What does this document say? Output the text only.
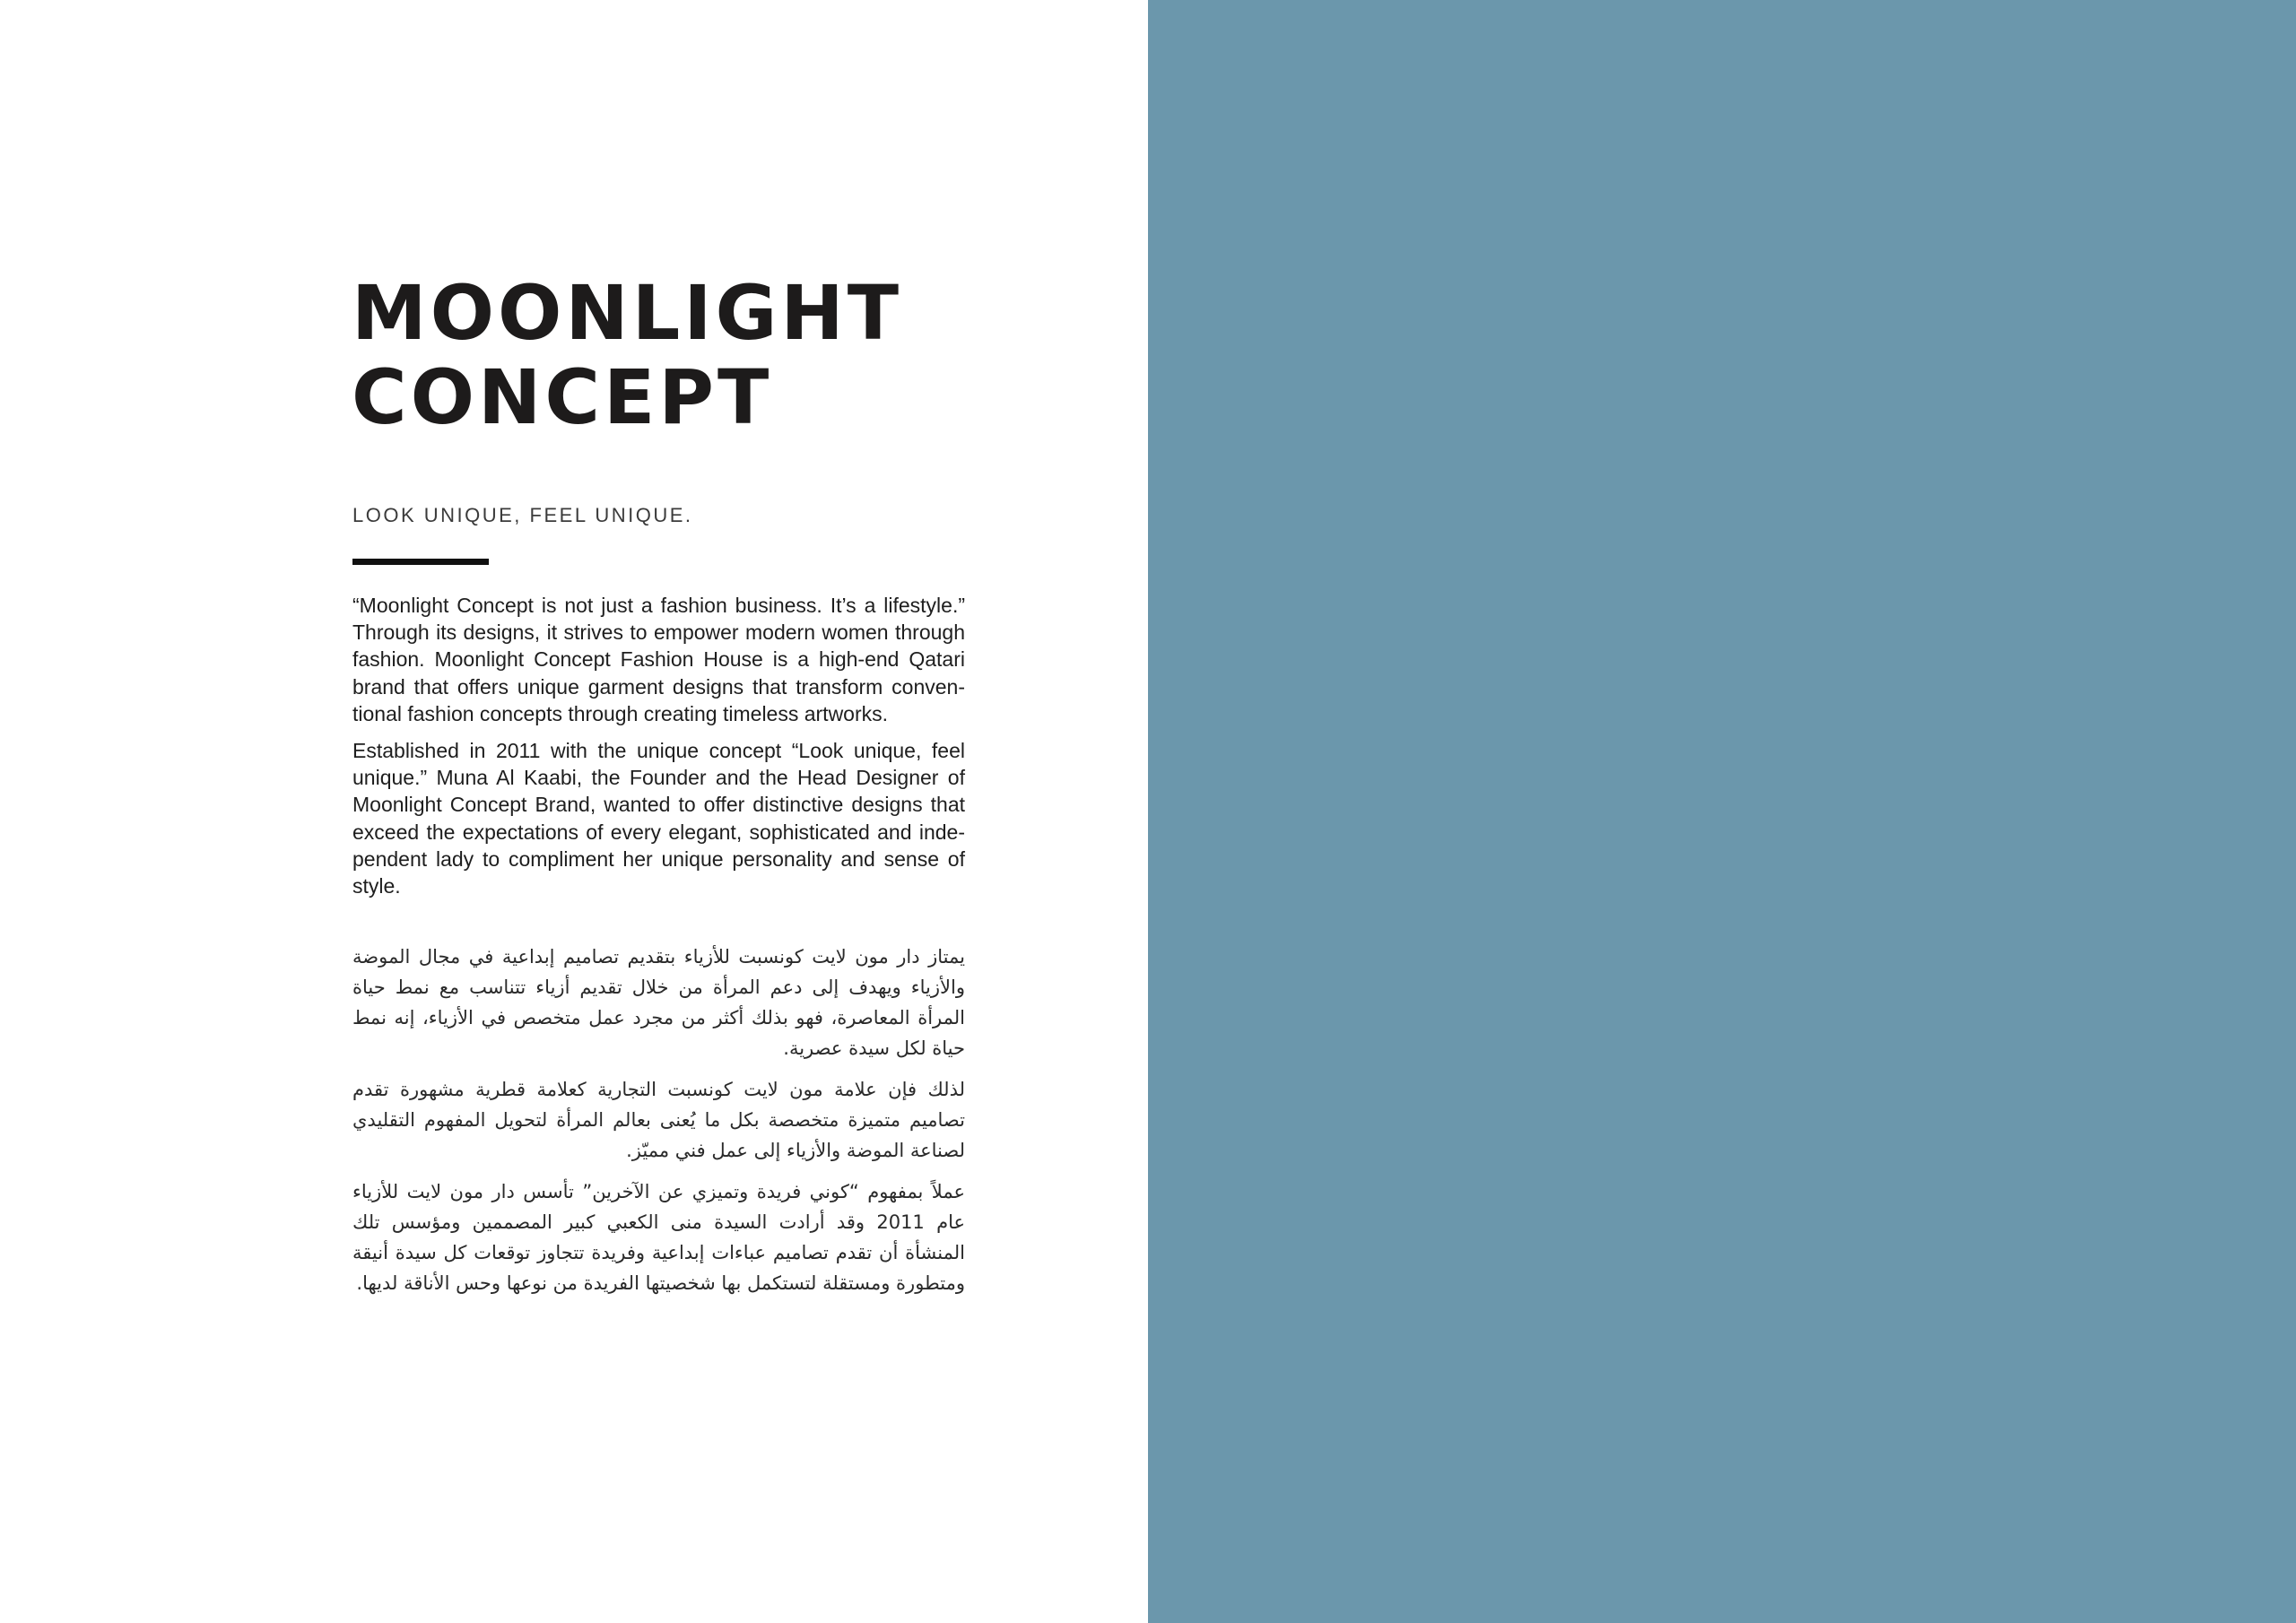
MOONLIGHT
CONCEPT
LOOK UNIQUE, FEEL UNIQUE.

“Moonlight Concept is not just a fashion business. It’s a lifestyle.” Through its designs, it strives to empower modern women through fashion. Moonlight Concept Fashion House is a high-end Qatari brand that offers unique garment designs that transform conven-tional fashion concepts through creating timeless artworks.

Established in 2011 with the unique concept “Look unique, feel unique.” Muna Al Kaabi, the Founder and the Head Designer of Moonlight Concept Brand, wanted to offer distinctive designs that exceed the expectations of every elegant, sophisticated and inde-pendent lady to compliment her unique personality and sense of style.

يمتاز دار مون لايت كونسبت للأزياء بتقديم تصاميم إبداعية في مجال الموضة والأزياء ويهدف إلى دعم المرأة من خلال تقديم أزياء تتناسب مع نمط حياة المرأة المعاصرة، فهو بذلك أكثر من مجرد عمل متخصص في الأزياء، إنه نمط حياة لكل سيدة عصرية.

لذلك فإن علامة مون لايت كونسبت التجارية كعلامة قطرية مشهورة تقدم تصاميم متميزة متخصصة بكل ما يُعنى بعالم المرأة لتحويل المفهوم التقليدي لصناعة الموضة والأزياء إلى عمل فني مميّز.

عملاً بمفهوم “كوني فريدة وتميزي عن الآخرين” تأسس دار مون لايت للأزياء عام 2011 وقد أرادت السيدة منى الكعبي كبير المصممين ومؤسس تلك المنشأة أن تقدم تصاميم عباءات إبداعية وفريدة تتجاوز توقعات كل سيدة أنيقة ومتطورة ومستقلة لتستكمل بها شخصيتها الفريدة من نوعها وحس الأناقة لديها.
